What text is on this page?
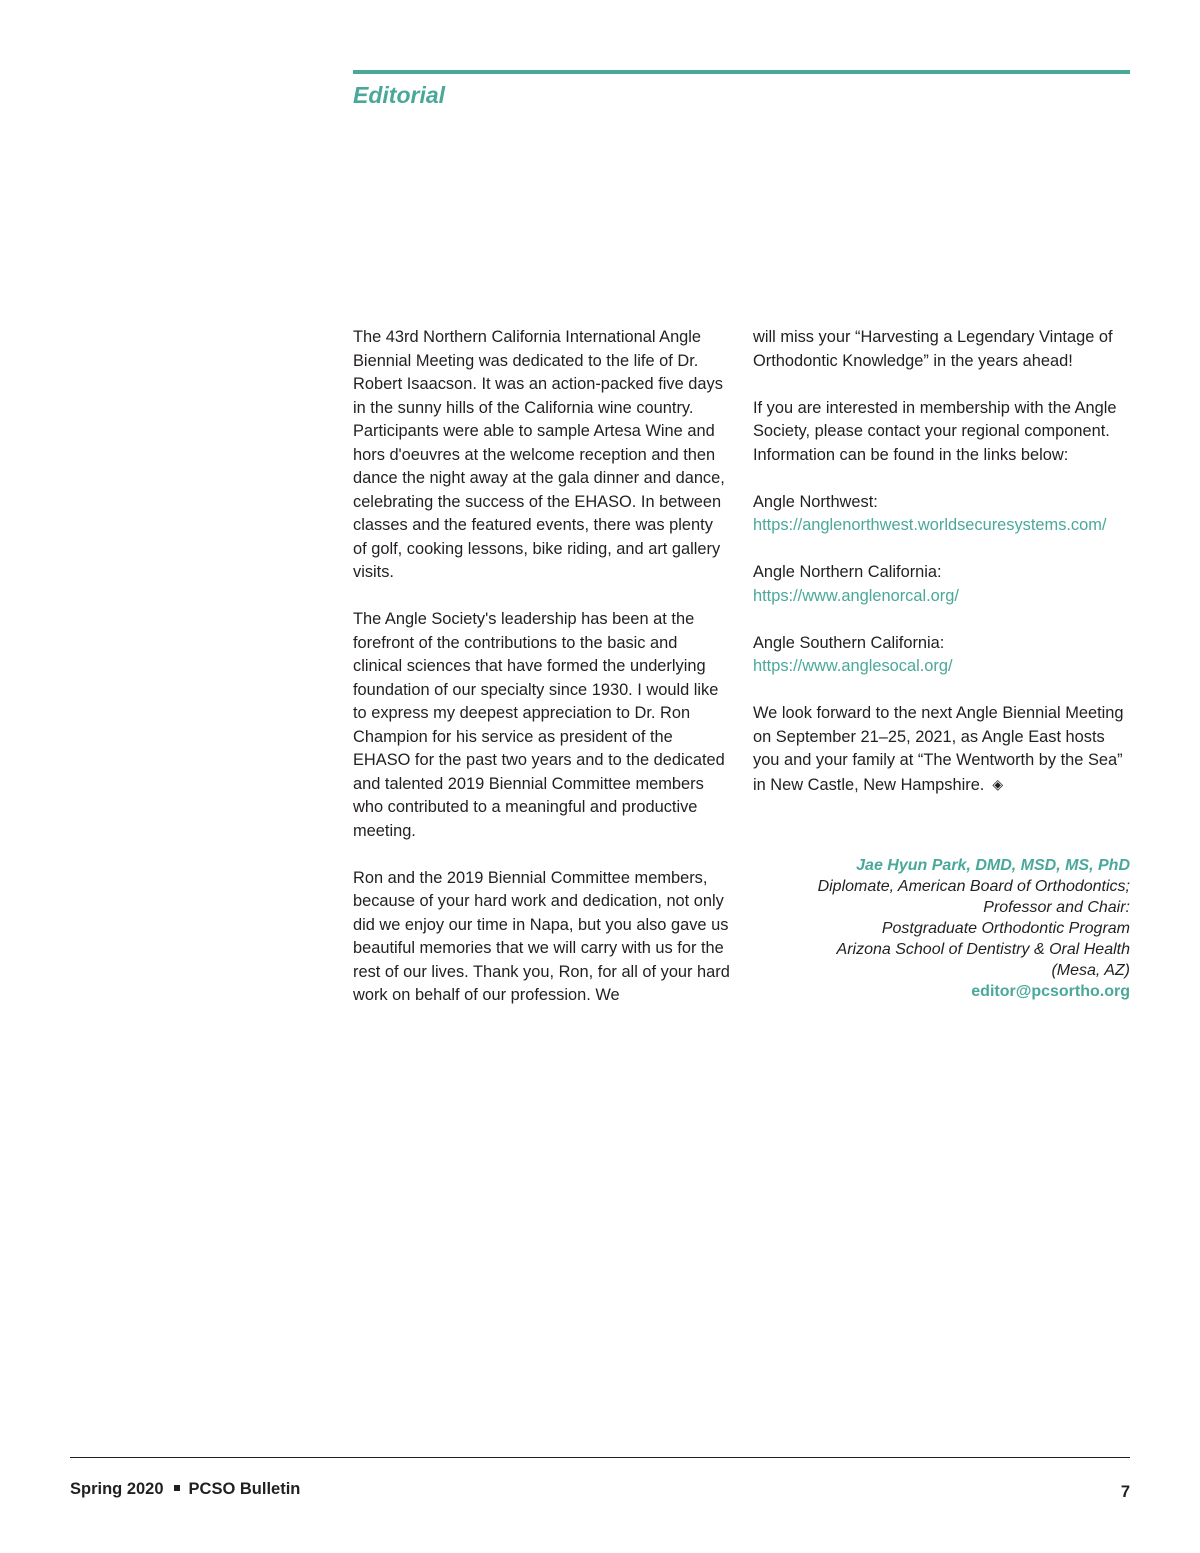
Editorial

The 43rd Northern California International Angle Biennial Meeting was dedicated to the life of Dr. Robert Isaacson. It was an action-packed five days in the sunny hills of the California wine country. Participants were able to sample Artesa Wine and hors d'oeuvres at the welcome reception and then dance the night away at the gala dinner and dance, celebrating the success of the EHASO. In between classes and the featured events, there was plenty of golf, cooking lessons, bike riding, and art gallery visits.

The Angle Society's leadership has been at the forefront of the contributions to the basic and clinical sciences that have formed the underlying foundation of our specialty since 1930. I would like to express my deepest appreciation to Dr. Ron Champion for his service as president of the EHASO for the past two years and to the dedicated and talented 2019 Biennial Committee members who contributed to a meaningful and productive meeting.

Ron and the 2019 Biennial Committee members, because of your hard work and dedication, not only did we enjoy our time in Napa, but you also gave us beautiful memories that we will carry with us for the rest of our lives. Thank you, Ron, for all of your hard work on behalf of our profession. We

will miss your “Harvesting a Legendary Vintage of Orthodontic Knowledge” in the years ahead!

If you are interested in membership with the Angle Society, please contact your regional component. Information can be found in the links below:

Angle Northwest:
https://anglenorthwest.worldsecuresystems.com/

Angle Northern California:
https://www.anglenorcal.org/

Angle Southern California:
https://www.anglesocal.org/

We look forward to the next Angle Biennial Meeting on September 21–25, 2021, as Angle East hosts you and your family at “The Wentworth by the Sea” in New Castle, New Hampshire. ◈

Jae Hyun Park, DMD, MSD, MS, PhD
Diplomate, American Board of Orthodontics;
Professor and Chair:
Postgraduate Orthodontic Program
Arizona School of Dentistry & Oral Health
(Mesa, AZ)
editor@pcsortho.org
Spring 2020 PCSO Bulletin	7
